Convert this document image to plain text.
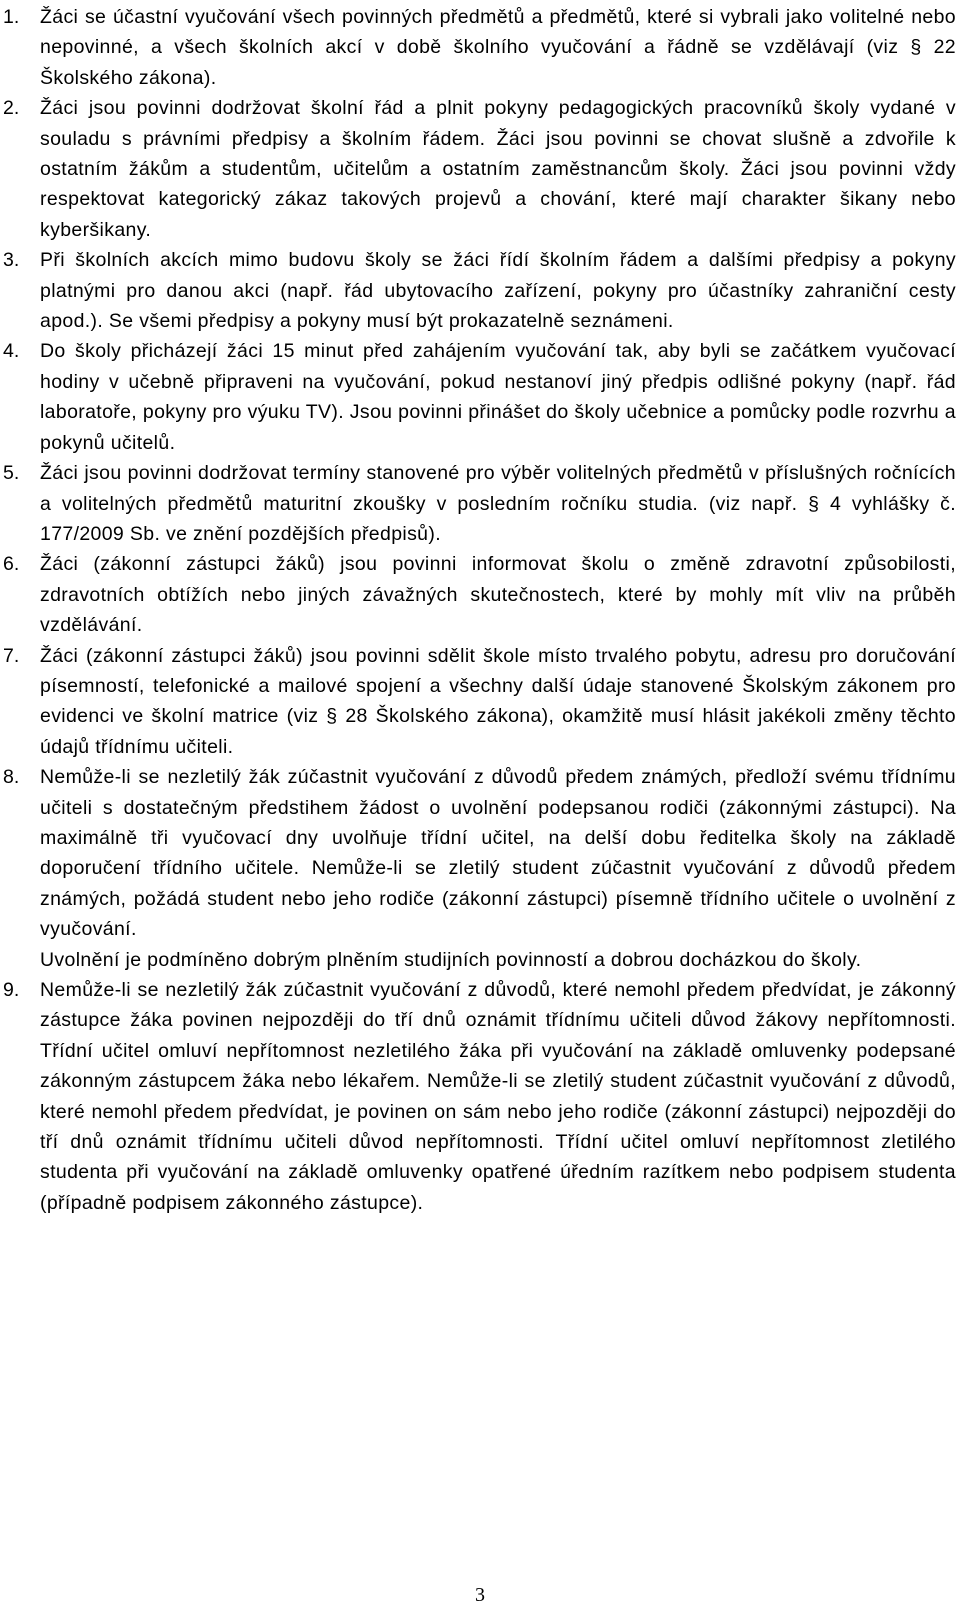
1. 1. Žáci se účastní vyučování všech povinných předmětů a předmětů, které si vybrali jako volitelné nebo nepovinné, a všech školních akcí v době školního vyučování a řádně se vzdělávají (viz § 22 Školského zákona).

2. 2. Žáci jsou povinni dodržovat školní řád a plnit pokyny pedagogických pracovníků školy vydané v souladu s právními předpisy a školním řádem. Žáci jsou povinni se chovat slušně a zdvořile k ostatním žákům a studentům, učitelům a ostatním zaměstnancům školy. Žáci jsou povinni vždy respektovat kategorický zákaz takových projevů a chování, které mají charakter šikany nebo kyberšikany.

3. 3. Při školních akcích mimo budovu školy se žáci řídí školním řádem a dalšími předpisy a pokyny platnými pro danou akci (např. řád ubytovacího zařízení, pokyny pro účastníky zahraniční cesty apod.). Se všemi předpisy a pokyny musí být prokazatelně seznámeni.

4. 4. Do školy přicházejí žáci 15 minut před zahájením vyučování tak, aby byli se začátkem vyučovací hodiny v učebně připraveni na vyučování, pokud nestanoví jiný předpis odlišné pokyny (např. řád laboratoře, pokyny pro výuku TV). Jsou povinni přinášet do školy učebnice a pomůcky podle rozvrhu a pokynů učitelů.

5. 5. Žáci jsou povinni dodržovat termíny stanovené pro výběr volitelných předmětů v příslušných ročnících a volitelných předmětů maturitní zkoušky v posledním ročníku studia. (viz např. § 4 vyhlášky č. 177/2009 Sb. ve znění pozdějších předpisů).

6. 6. Žáci (zákonní zástupci žáků) jsou povinni informovat školu o změně zdravotní způsobilosti, zdravotních obtížích nebo jiných závažných skutečnostech, které by mohly mít vliv na průběh vzdělávání.

7. 7. Žáci (zákonní zástupci žáků) jsou povinni sdělit škole místo trvalého pobytu, adresu pro doručování písemností, telefonické a mailové spojení a všechny další údaje stanovené Školským zákonem pro evidenci ve školní matrice (viz § 28 Školského zákona), okamžitě musí hlásit jakékoli změny těchto údajů třídnímu učiteli.

8. 8. Nemůže-li se nezletilý žák zúčastnit vyučování z důvodů předem známých, předloží svému třídnímu učiteli s dostatečným předstihem žádost o uvolnění podepsanou rodiči (zákonnými zástupci). Na maximálně tři vyučovací dny uvolňuje třídní učitel, na delší dobu ředitelka školy na základě doporučení třídního učitele. Nemůže-li se zletilý student zúčastnit vyučování z důvodů předem známých, požádá student nebo jeho rodiče (zákonní zástupci) písemně třídního učitele o uvolnění z vyučování.

Uvolnění je podmíněno dobrým plněním studijních povinností a dobrou docházkou do školy.

9. 9. Nemůže-li se nezletilý žák zúčastnit vyučování z důvodů, které nemohl předem předvídat, je zákonný zástupce žáka povinen nejpozději do tří dnů oznámit třídnímu učiteli důvod žákovy nepřítomnosti. Třídní učitel omluví nepřítomnost nezletilého žáka při vyučování na základě omluvenky podepsané zákonným zástupcem žáka nebo lékařem. Nemůže-li se zletilý student zúčastnit vyučování z důvodů, které nemohl předem předvídat, je povinen on sám nebo jeho rodiče (zákonní zástupci) nejpozději do tří dnů oznámit třídnímu učiteli důvod nepřítomnosti. Třídní učitel omluví nepřítomnost zletilého studenta při vyučování na základě omluvenky opatřené úředním razítkem nebo podpisem studenta (případně podpisem zákonného zástupce).

3
